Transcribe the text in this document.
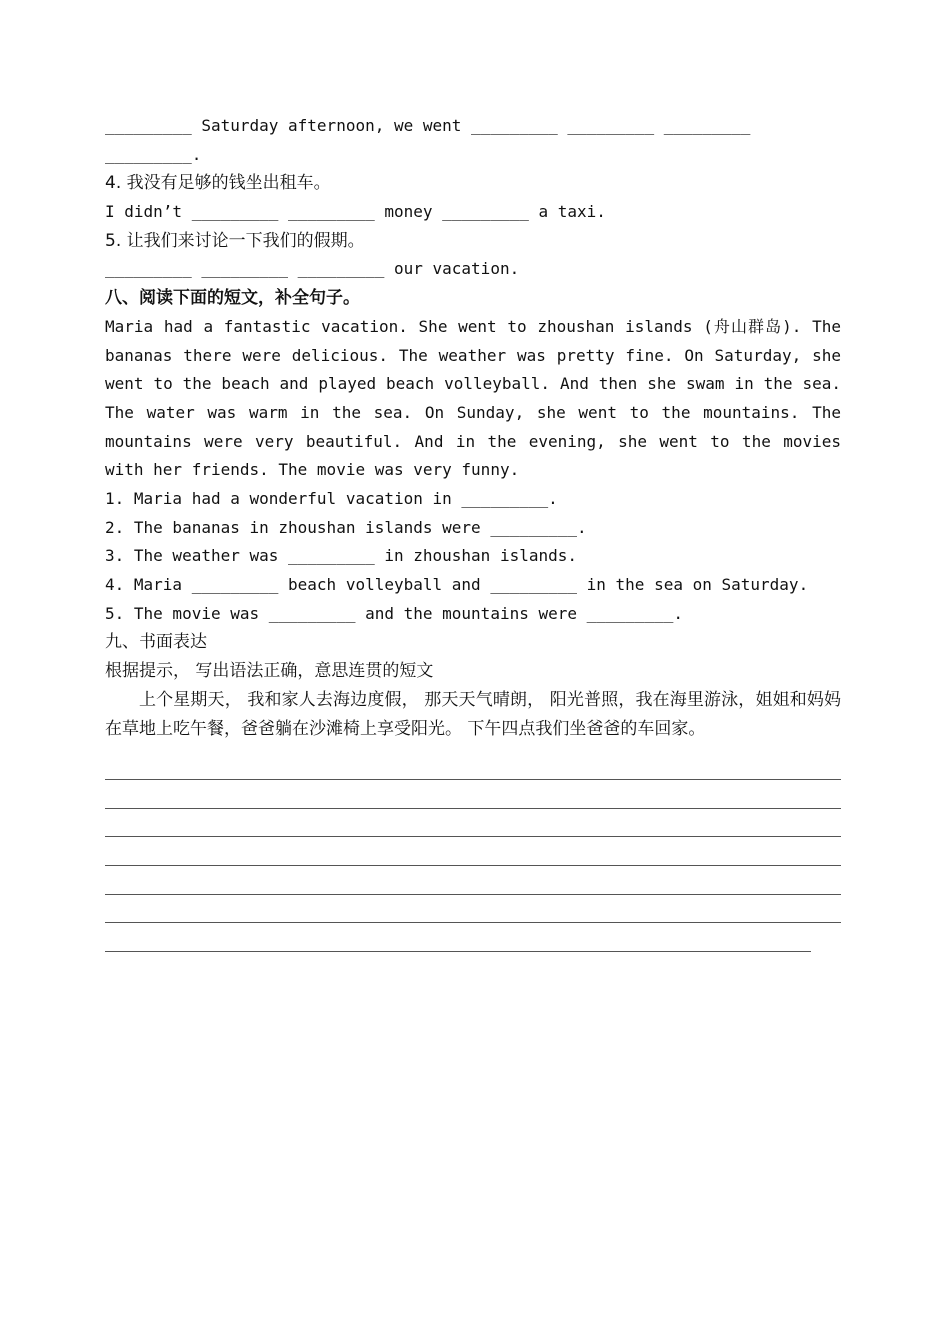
_________ Saturday afternoon, we went _________ _________ _________
_________.
4. 我没有足够的钱坐出租车。
I didn’t _________ _________ money _________ a taxi.
5. 让我们来讨论一下我们的假期。
_________ _________ _________ our vacation.
八、阅读下面的短文，补全句子。
Maria had a fantastic vacation. She went to zhoushan islands (舟山群岛). The bananas there were delicious. The weather was pretty fine. On Saturday, she went to the beach and played beach volleyball. And then she swam in the sea. The water was warm in the sea. On Sunday, she went to the mountains. The mountains were very beautiful. And in the evening, she went to the movies with her friends. The movie was very funny.
1. Maria had a wonderful vacation in _________.
2. The bananas in zhoushan islands were _________.
3. The weather was _________ in zhoushan islands.
4. Maria _________ beach volleyball and _________ in the sea on Saturday.
5. The movie was _________ and the mountains were _________.
九、书面表达
根据提示， 写出语法正确，意思连贯的短文
上个星期天， 我和家人去海边度假， 那天天气晴朗， 阳光普照，我在海里游泳，姐姐和妈妈在草地上吃午餐，爸爸躺在沙滩椅上享受阳光。 下午四点我们坐爸爸的车回家。
